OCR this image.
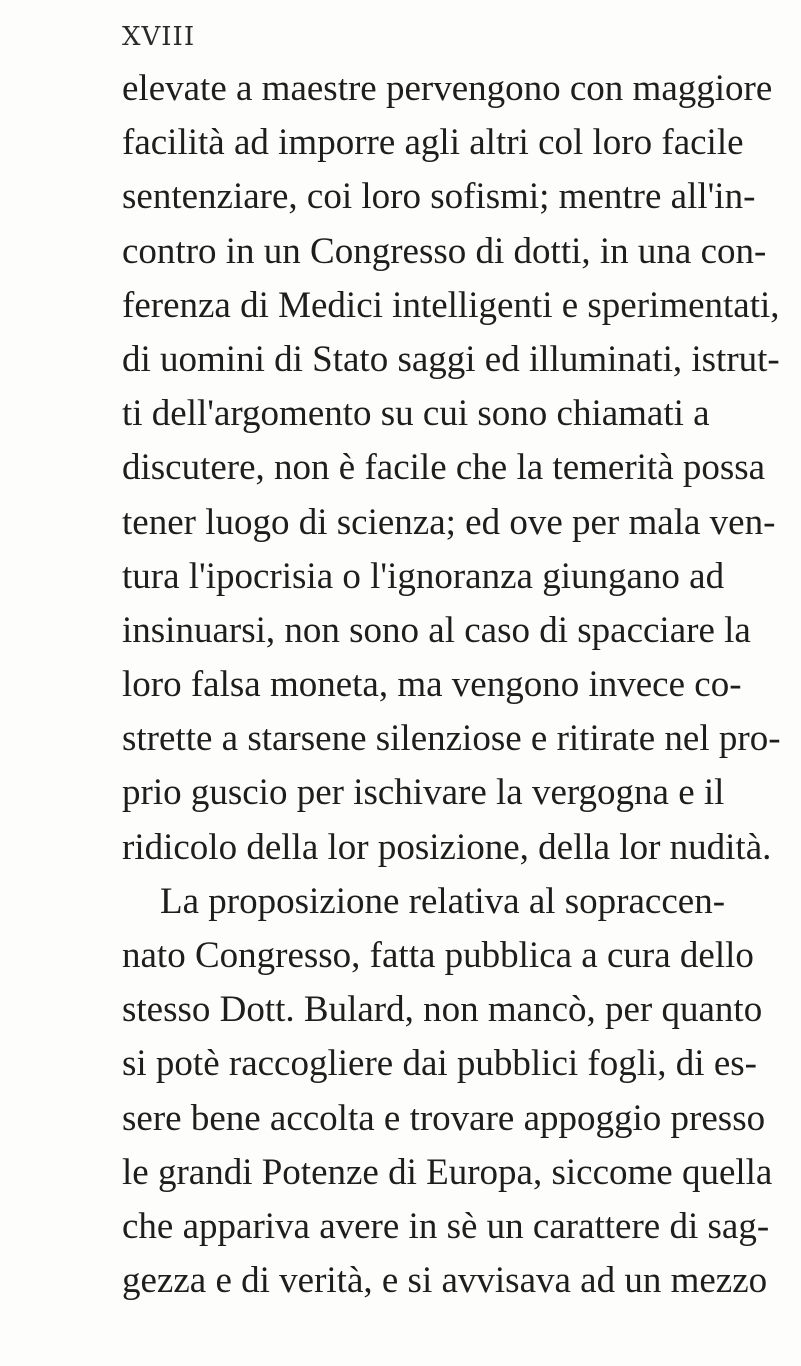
XVIII
elevate a maestre pervengono con maggiore
facilità ad imporre agli altri col loro facile
sentenziare, coi loro sofismi; mentre all'in-
contro in un Congresso di dotti, in una con-
ferenza di Medici intelligenti e sperimentati,
di uomini di Stato saggi ed illuminati, istrut-
ti dell'argomento su cui sono chiamati a
discutere, non è facile che la temerità possa
tener luogo di scienza; ed ove per mala ven-
tura l'ipocrisia o l'ignoranza giungano ad
insinuarsi, non sono al caso di spacciare la
loro falsa moneta, ma vengono invece co-
strette a starsene silenziose e ritirate nel pro-
prio guscio per ischivare la vergogna e il
ridicolo della lor posizione, della lor nudità.
La proposizione relativa al sopraccen-
nato Congresso, fatta pubblica a cura dello
stesso Dott. Bulard, non mancò, per quanto
si potè raccogliere dai pubblici fogli, di es-
sere bene accolta e trovare appoggio presso
le grandi Potenze di Europa, siccome quella
che appariva avere in sè un carattere di sag-
gezza e di verità, e si avvisava ad un mezzo
